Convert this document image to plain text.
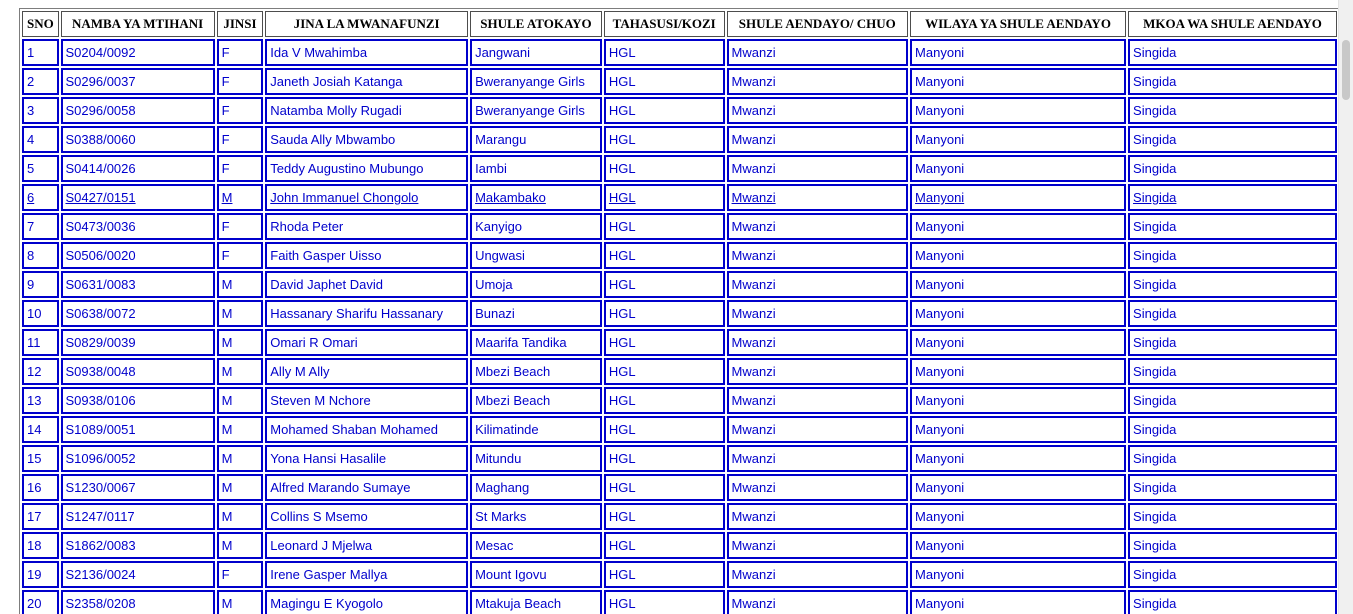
SNO	NAMBA YA MTIHANI	JINSI	JINA LA MWANAFUNZI	SHULE ATOKAYO	TAHASUSI/KOZI	SHULE AENDAYO/ CHUO	WILAYA YA SHULE AENDAYO	MKOA WA SHULE AENDAYO
1	S0204/0092	F	Ida V Mwahimba	Jangwani	HGL	Mwanzi	Manyoni	Singida
2	S0296/0037	F	Janeth Josiah Katanga	Bweranyange Girls	HGL	Mwanzi	Manyoni	Singida
3	S0296/0058	F	Natamba Molly Rugadi	Bweranyange Girls	HGL	Mwanzi	Manyoni	Singida
4	S0388/0060	F	Sauda Ally Mbwambo	Marangu	HGL	Mwanzi	Manyoni	Singida
5	S0414/0026	F	Teddy Augustino Mubungo	Iambi	HGL	Mwanzi	Manyoni	Singida
6	S0427/0151	M	John Immanuel Chongolo	Makambako	HGL	Mwanzi	Manyoni	Singida
7	S0473/0036	F	Rhoda Peter	Kanyigo	HGL	Mwanzi	Manyoni	Singida
8	S0506/0020	F	Faith Gasper Uisso	Ungwasi	HGL	Mwanzi	Manyoni	Singida
9	S0631/0083	M	David Japhet David	Umoja	HGL	Mwanzi	Manyoni	Singida
10	S0638/0072	M	Hassanary Sharifu Hassanary	Bunazi	HGL	Mwanzi	Manyoni	Singida
11	S0829/0039	M	Omari R Omari	Maarifa Tandika	HGL	Mwanzi	Manyoni	Singida
12	S0938/0048	M	Ally M Ally	Mbezi Beach	HGL	Mwanzi	Manyoni	Singida
13	S0938/0106	M	Steven M Nchore	Mbezi Beach	HGL	Mwanzi	Manyoni	Singida
14	S1089/0051	M	Mohamed Shaban Mohamed	Kilimatinde	HGL	Mwanzi	Manyoni	Singida
15	S1096/0052	M	Yona Hansi Hasalile	Mitundu	HGL	Mwanzi	Manyoni	Singida
16	S1230/0067	M	Alfred Marando Sumaye	Maghang	HGL	Mwanzi	Manyoni	Singida
17	S1247/0117	M	Collins S Msemo	St Marks	HGL	Mwanzi	Manyoni	Singida
18	S1862/0083	M	Leonard J Mjelwa	Mesac	HGL	Mwanzi	Manyoni	Singida
19	S2136/0024	F	Irene Gasper Mallya	Mount Igovu	HGL	Mwanzi	Manyoni	Singida
20	S2358/0208	M	Magingu E Kyogolo	Mtakuja Beach	HGL	Mwanzi	Manyoni	Singida
